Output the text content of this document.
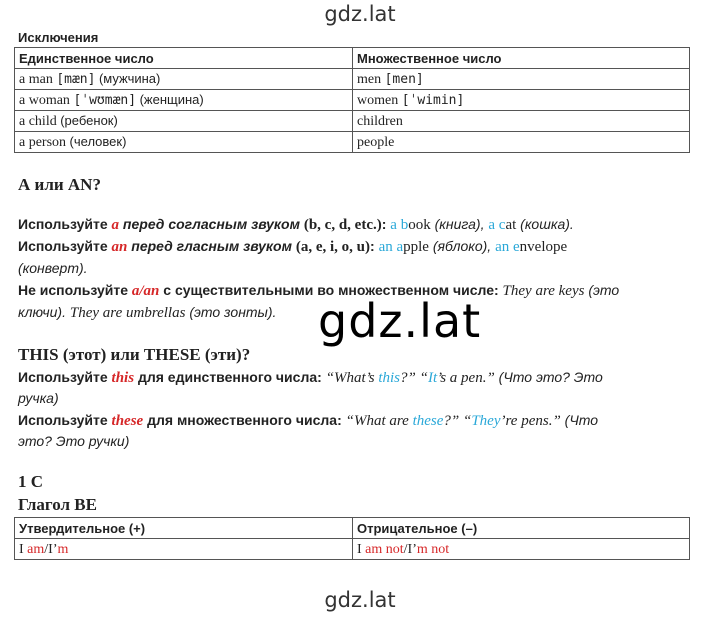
gdz.lat
Исключения
Единственное число	Множественное число
a man [mæn] (мужчина)	men [men]
a woman [ˈwʊmæn] (женщина)	women [ˈwimin]
a child (ребенок)	children
a person (человек)	people
А или AN?
Используйте a перед согласным звуком (b, c, d, etc.): a book (книга), a cat (кошка).
Используйте an перед гласным звуком (a, e, i, o, u): an apple (яблоко), an envelope
(конверт).
Не используйте a/an с существительными во множественном числе: They are keys (это
ключи). They are umbrellas (это зонты). gdz.lat
THIS (этот) или THESE (эти)?
Используйте this для единственного числа: “What’s this?” “It’s a pen.” (Что это? Это
ручка)
Используйте these для множественного числа: “What are these?” “They’re pens.” (Что
это? Это ручки)
1 С
Глагол BE
Утвердительное (+)	Отрицательное (–)
I am/I’m	I am not/I’m not
gdz.lat
